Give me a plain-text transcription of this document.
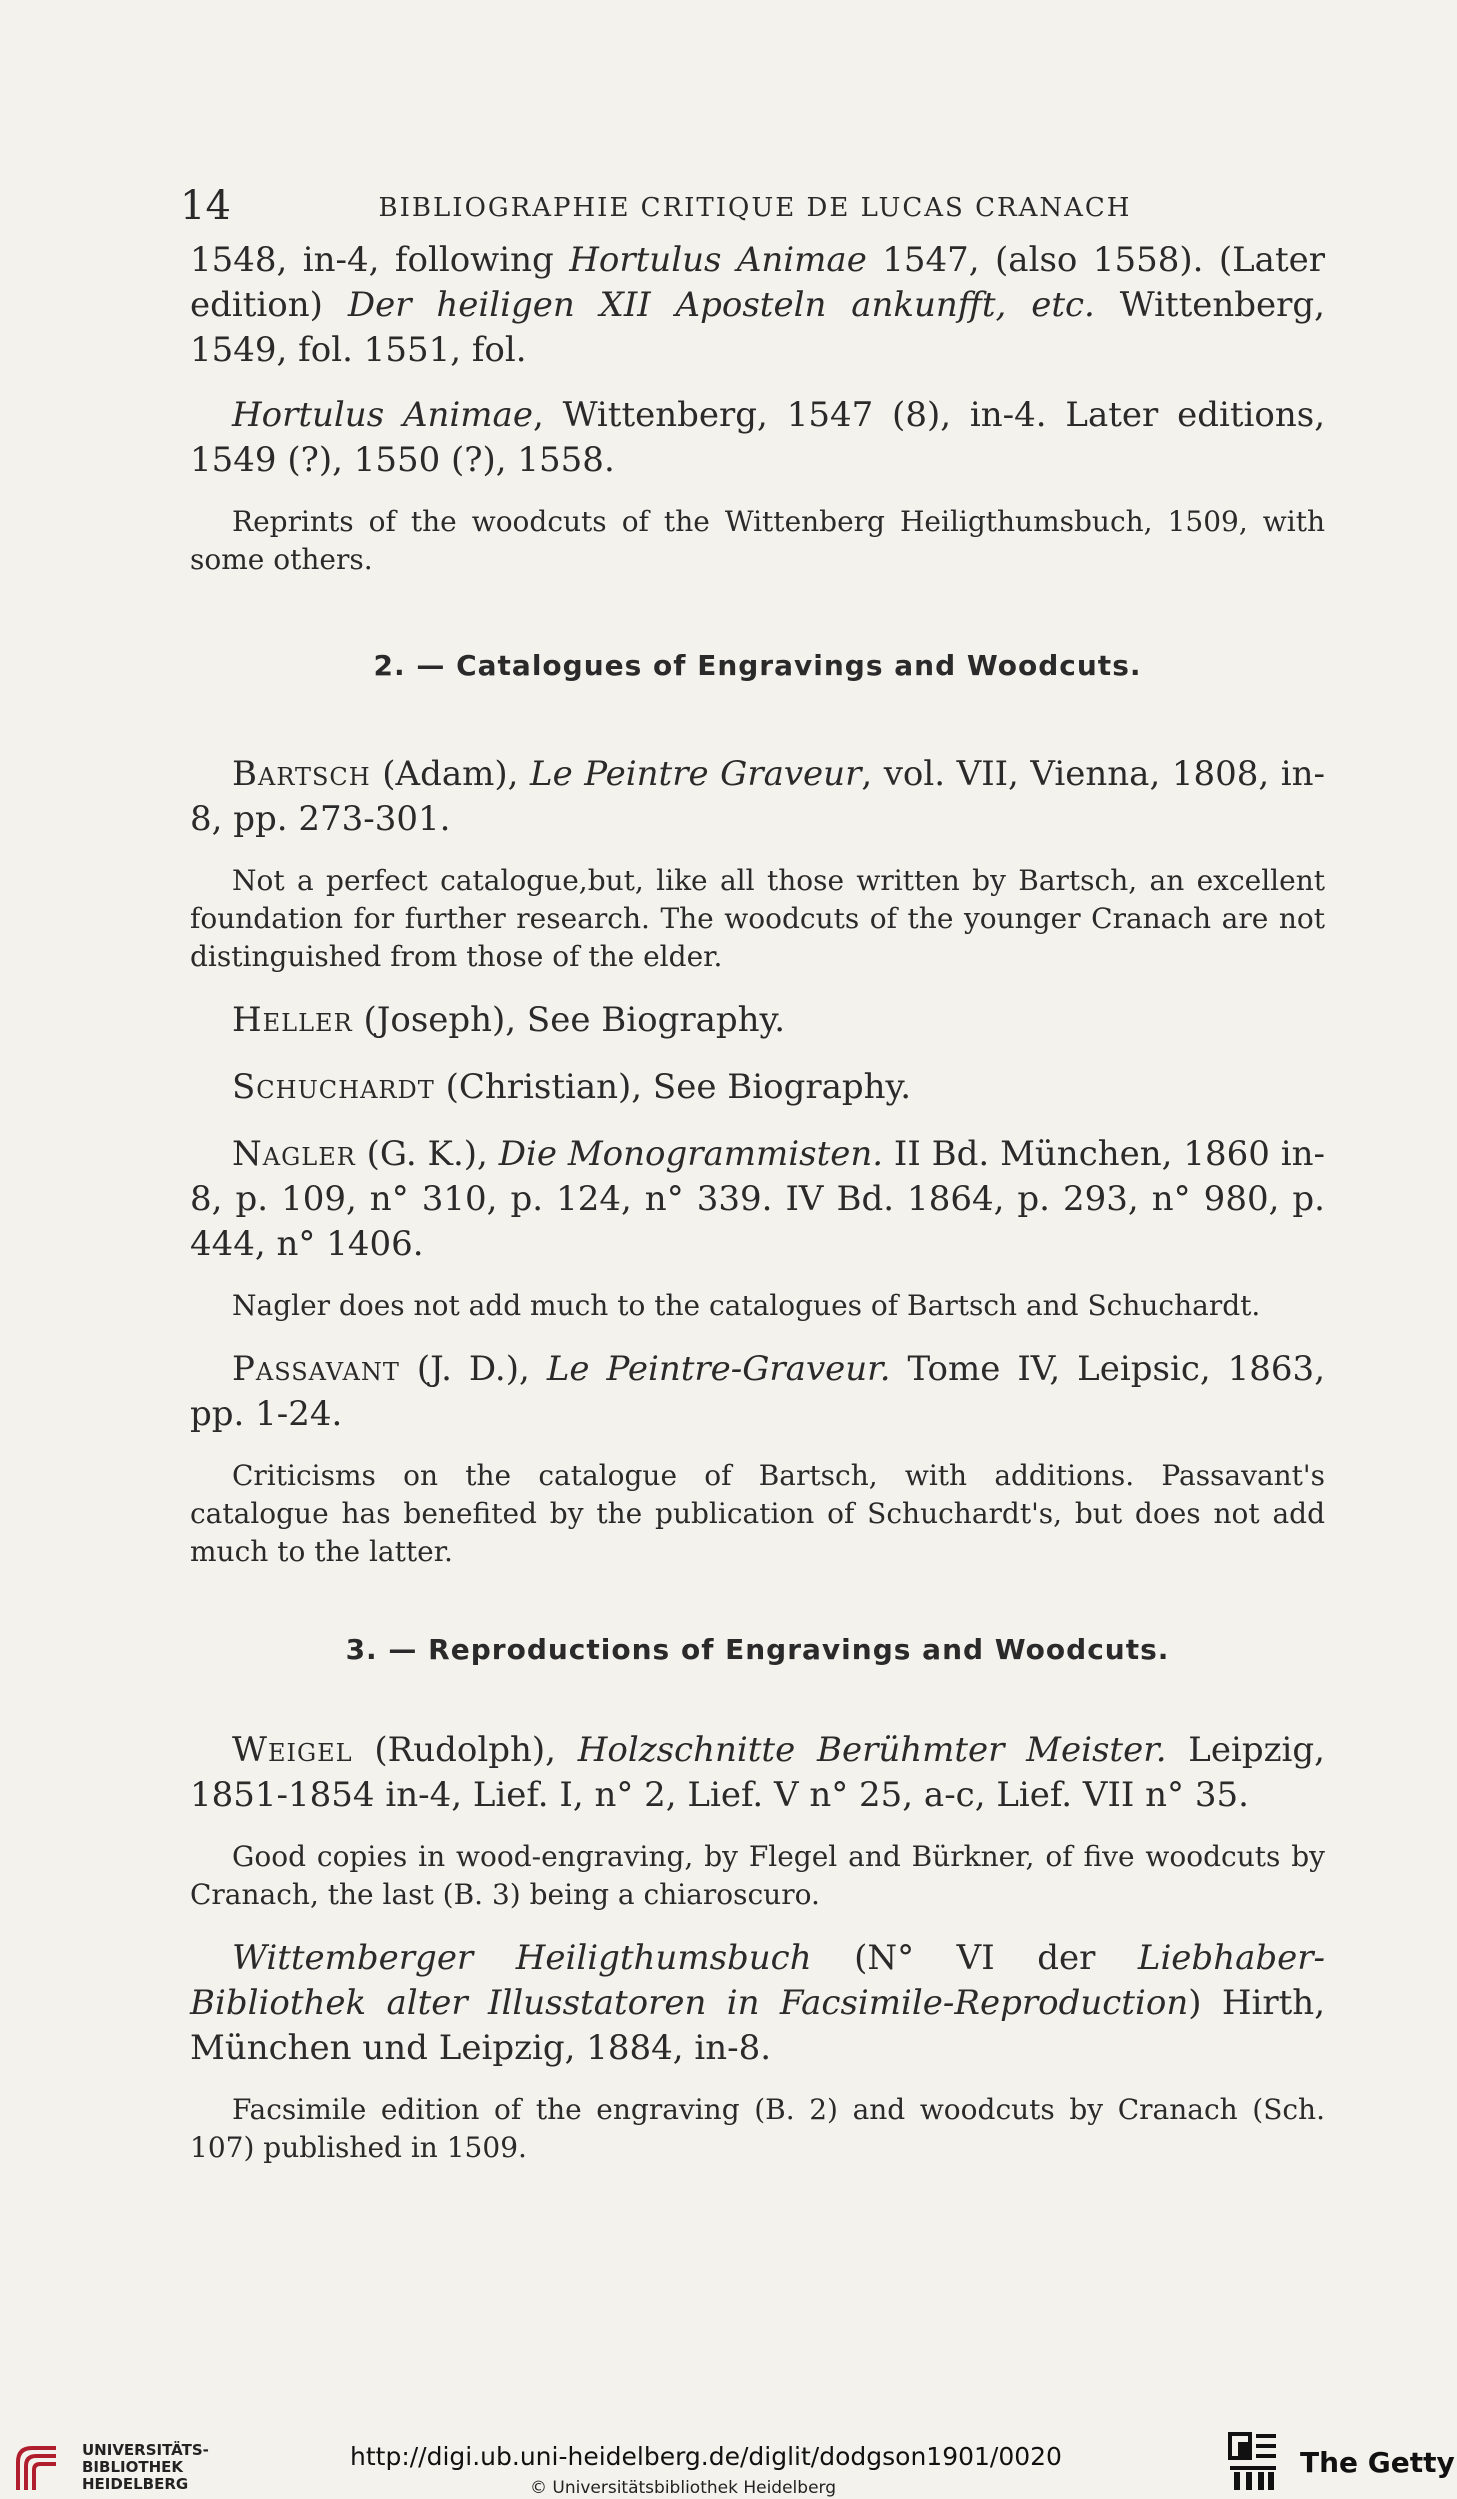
14	BIBLIOGRAPHIE CRITIQUE DE LUCAS CRANACH

1548, in-4, following Hortulus Animae 1547, (also 1558). (Later edition) Der heiligen XII Aposteln ankunfft, etc. Wittenberg, 1549, fol. 1551, fol.

Hortulus Animae, Wittenberg, 1547 (8), in-4. Later editions, 1549 (?), 1550 (?), 1558.

Reprints of the woodcuts of the Wittenberg Heiligthumsbuch, 1509, with some others.

2. — Catalogues of Engravings and Woodcuts.

Bartsch (Adam), Le Peintre Graveur, vol. VII, Vienna, 1808, in-8, pp. 273-301.

Not a perfect catalogue,but, like all those written by Bartsch, an excellent foundation for further research. The woodcuts of the younger Cranach are not distinguished from those of the elder.

Heller (Joseph), See Biography.

Schuchardt (Christian), See Biography.

Nagler (G. K.), Die Monogrammisten. II Bd. München, 1860 in-8, p. 109, n° 310, p. 124, n° 339. IV Bd. 1864, p. 293, n° 980, p. 444, n° 1406.

Nagler does not add much to the catalogues of Bartsch and Schuchardt.

Passavant (J. D.), Le Peintre-Graveur. Tome IV, Leipsic, 1863, pp. 1-24.

Criticisms on the catalogue of Bartsch, with additions. Passavant's catalogue has benefited by the publication of Schuchardt's, but does not add much to the latter.

3. — Reproductions of Engravings and Woodcuts.

Weigel (Rudolph), Holzschnitte Berühmter Meister. Leipzig, 1851-1854 in-4, Lief. I, n° 2, Lief. V n° 25, a-c, Lief. VII n° 35.

Good copies in wood-engraving, by Flegel and Bürkner, of five woodcuts by Cranach, the last (B. 3) being a chiaroscuro.

Wittemberger Heiligthumsbuch (N° VI der Liebhaber-Bibliothek alter Illusstatoren in Facsimile-Reproduction) Hirth, München und Leipzig, 1884, in-8.

Facsimile edition of the engraving (B. 2) and woodcuts by Cranach (Sch. 107) published in 1509.

UNIVERSITÄTS-
BIBLIOTHEK
HEIDELBERG
http://digi.ub.uni-heidelberg.de/diglit/dodgson1901/0020
© Universitätsbibliothek Heidelberg
The Getty
